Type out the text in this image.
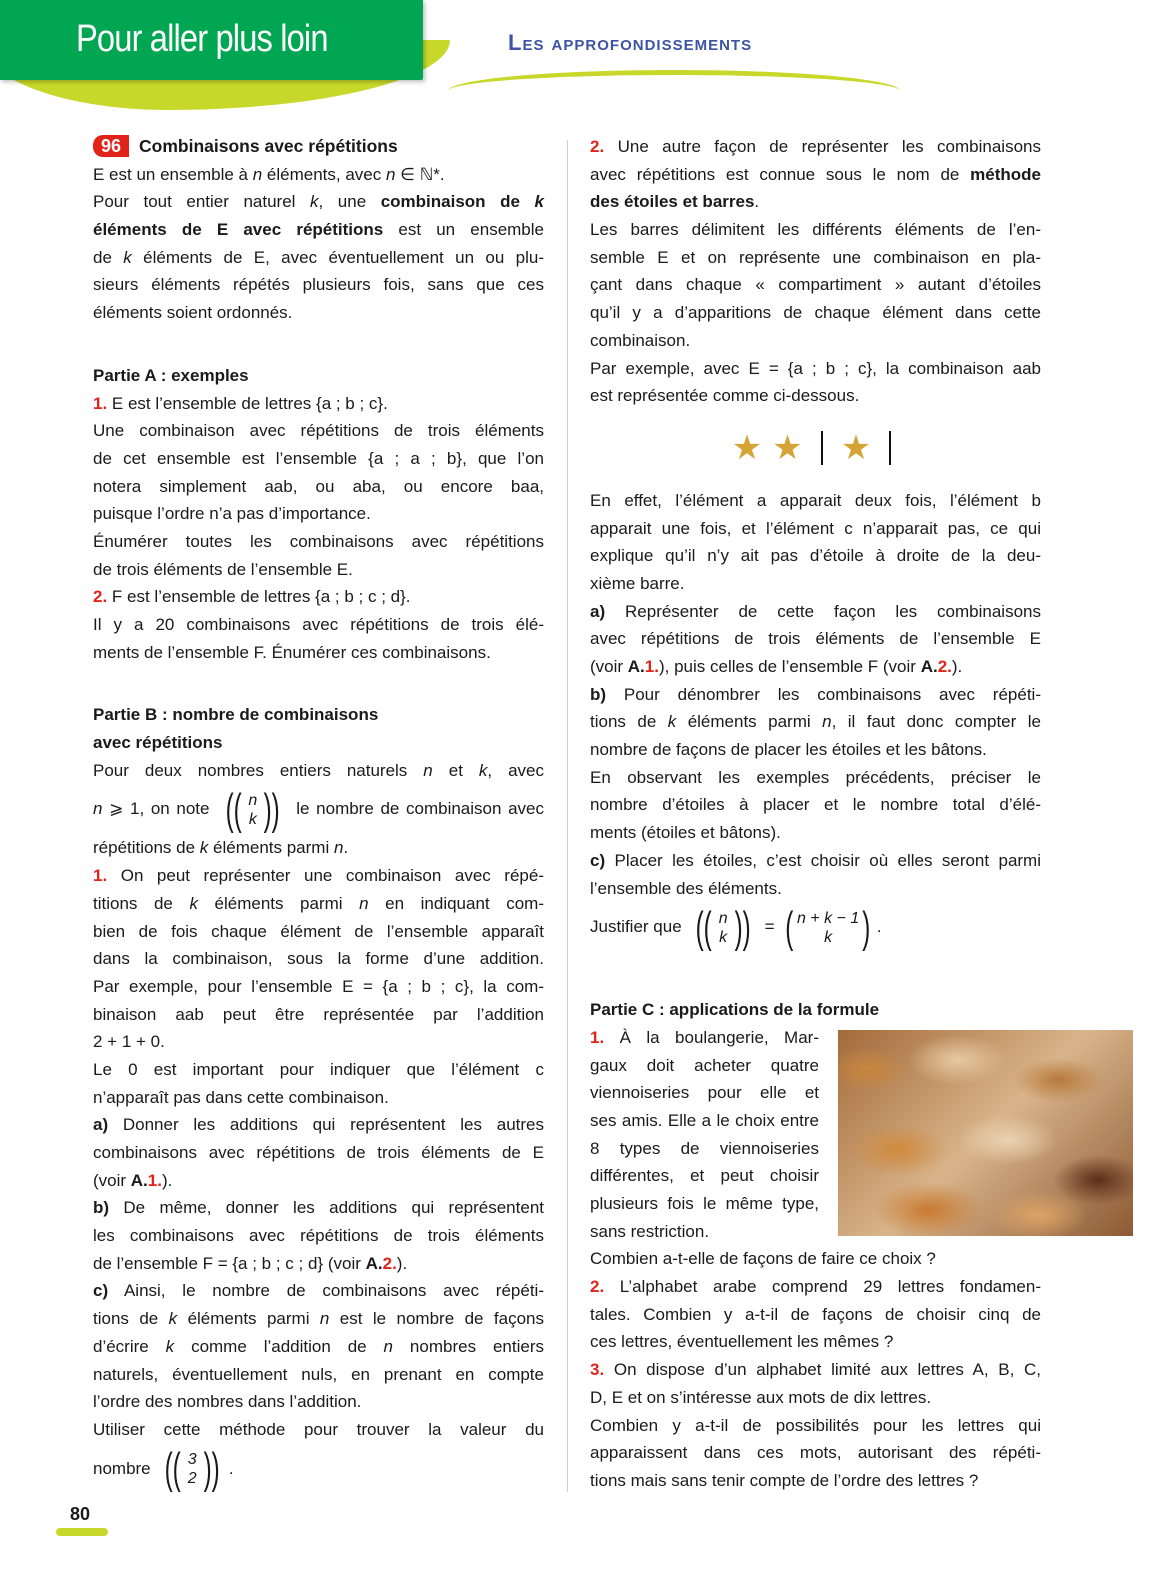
Pour aller plus loin	Les approfondissements
96 Combinaisons avec répétitions
E est un ensemble à n éléments, avec n ∈ ℕ*.
Pour tout entier naturel k, une combinaison de k
éléments de E avec répétitions est un ensemble
de k éléments de E, avec éventuellement un ou plu-
sieurs éléments répétés plusieurs fois, sans que ces
éléments soient ordonnés.
Partie A : exemples
1. E est l’ensemble de lettres {a ; b ; c}.
Une combinaison avec répétitions de trois éléments
de cet ensemble est l’ensemble {a ; a ; b}, que l’on
notera simplement aab, ou aba, ou encore baa,
puisque l’ordre n’a pas d’importance.
Énumérer toutes les combinaisons avec répétitions
de trois éléments de l’ensemble E.
2. F est l’ensemble de lettres {a ; b ; c ; d}.
Il y a 20 combinaisons avec répétitions de trois élé-
ments de l’ensemble F. Énumérer ces combinaisons.
Partie B : nombre de combinaisons
avec répétitions
Pour deux nombres entiers naturels n et k, avec
n ⩾ 1, on note (( n
k )) le nombre de combinaison avec
répétitions de k éléments parmi n.
1. On peut représenter une combinaison avec répé-
titions de k éléments parmi n en indiquant com-
bien de fois chaque élément de l’ensemble apparaît
dans la combinaison, sous la forme d’une addition.
Par exemple, pour l’ensemble E = {a ; b ; c}, la com-
binaison aab peut être représentée par l’addition
2 + 1 + 0.
Le 0 est important pour indiquer que l’élément c
n’apparaît pas dans cette combinaison.
a) Donner les additions qui représentent les autres
combinaisons avec répétitions de trois éléments de E
(voir A.1.).
b) De même, donner les additions qui représentent
les combinaisons avec répétitions de trois éléments
de l’ensemble F = {a ; b ; c ; d} (voir A.2.).
c) Ainsi, le nombre de combinaisons avec répéti-
tions de k éléments parmi n est le nombre de façons
d’écrire k comme l’addition de n nombres entiers
naturels, éventuellement nuls, en prenant en compte
l’ordre des nombres dans l’addition.
Utiliser cette méthode pour trouver la valeur du
nombre (( 3
2 )) .
2. Une autre façon de représenter les combinaisons
avec répétitions est connue sous le nom de méthode
des étoiles et barres.
Les barres délimitent les différents éléments de l’en-
semble E et on représente une combinaison en pla-
çant dans chaque « compartiment » autant d’étoiles
qu’il y a d’apparitions de chaque élément dans cette
combinaison.
Par exemple, avec E = {a ; b ; c}, la combinaison aab
est représentée comme ci-dessous.
★ ★ ★
En effet, l’élément a apparait deux fois, l’élément b
apparait une fois, et l’élément c n’apparait pas, ce qui
explique qu’il n’y ait pas d’étoile à droite de la deu-
xième barre.
a) Représenter de cette façon les combinaisons
avec répétitions de trois éléments de l’ensemble E
(voir A.1.), puis celles de l’ensemble F (voir A.2.).
b) Pour dénombrer les combinaisons avec répéti-
tions de k éléments parmi n, il faut donc compter le
nombre de façons de placer les étoiles et les bâtons.
En observant les exemples précédents, préciser le
nombre d’étoiles à placer et le nombre total d’élé-
ments (étoiles et bâtons).
c) Placer les étoiles, c’est choisir où elles seront parmi
l’ensemble des éléments.
Justifier que (( n
k )) = ( n + k − 1
k ) .
Partie C : applications de la formule
1. À la boulangerie, Mar-
gaux doit acheter quatre
viennoiseries pour elle et
ses amis. Elle a le choix entre
8 types de viennoiseries
différentes, et peut choisir
plusieurs fois le même type,
sans restriction.
Combien a-t-elle de façons de faire ce choix ?
2. L’alphabet arabe comprend 29 lettres fondamen-
tales. Combien y a-t-il de façons de choisir cinq de
ces lettres, éventuellement les mêmes ?
3. On dispose d’un alphabet limité aux lettres A, B, C,
D, E et on s’intéresse aux mots de dix lettres.
Combien y a-t-il de possibilités pour les lettres qui
apparaissent dans ces mots, autorisant des répéti-
tions mais sans tenir compte de l’ordre des lettres ?
80
